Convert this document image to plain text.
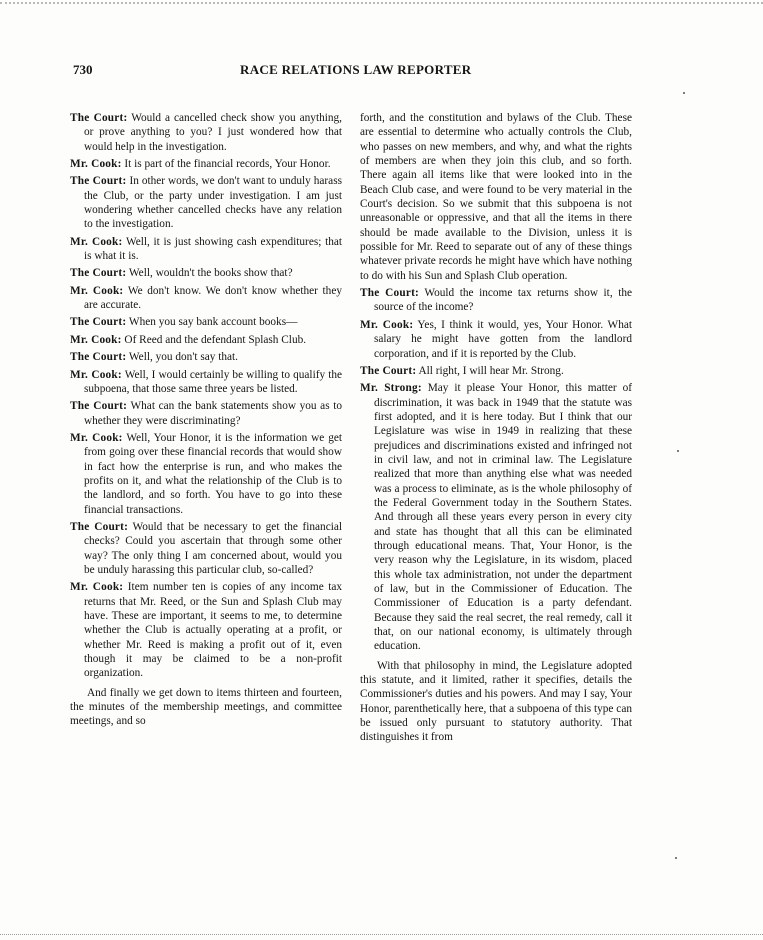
730	RACE RELATIONS LAW REPORTER

The Court: Would a cancelled check show you anything, or prove anything to you? I just wondered how that would help in the investigation.

Mr. Cook: It is part of the financial records, Your Honor.

The Court: In other words, we don't want to unduly harass the Club, or the party under investigation. I am just wondering whether cancelled checks have any relation to the investigation.

Mr. Cook: Well, it is just showing cash expenditures; that is what it is.

The Court: Well, wouldn't the books show that?

Mr. Cook: We don't know. We don't know whether they are accurate.

The Court: When you say bank account books—

Mr. Cook: Of Reed and the defendant Splash Club.

The Court: Well, you don't say that.

Mr. Cook: Well, I would certainly be willing to qualify the subpoena, that those same three years be listed.

The Court: What can the bank statements show you as to whether they were discriminating?

Mr. Cook: Well, Your Honor, it is the information we get from going over these financial records that would show in fact how the enterprise is run, and who makes the profits on it, and what the relationship of the Club is to the landlord, and so forth. You have to go into these financial transactions.

The Court: Would that be necessary to get the financial checks? Could you ascertain that through some other way? The only thing I am concerned about, would you be unduly harassing this particular club, so-called?

Mr. Cook: Item number ten is copies of any income tax returns that Mr. Reed, or the Sun and Splash Club may have. These are important, it seems to me, to determine whether the Club is actually operating at a profit, or whether Mr. Reed is making a profit out of it, even though it may be claimed to be a non-profit organization.

And finally we get down to items thirteen and fourteen, the minutes of the membership meetings, and committee meetings, and so

forth, and the constitution and bylaws of the Club. These are essential to determine who actually controls the Club, who passes on new members, and why, and what the rights of members are when they join this club, and so forth. There again all items like that were looked into in the Beach Club case, and were found to be very material in the Court's decision. So we submit that this subpoena is not unreasonable or oppressive, and that all the items in there should be made available to the Division, unless it is possible for Mr. Reed to separate out of any of these things whatever private records he might have which have nothing to do with his Sun and Splash Club operation.

The Court: Would the income tax returns show it, the source of the income?

Mr. Cook: Yes, I think it would, yes, Your Honor. What salary he might have gotten from the landlord corporation, and if it is reported by the Club.

The Court: All right, I will hear Mr. Strong.

Mr. Strong: May it please Your Honor, this matter of discrimination, it was back in 1949 that the statute was first adopted, and it is here today. But I think that our Legislature was wise in 1949 in realizing that these prejudices and discriminations existed and infringed not in civil law, and not in criminal law. The Legislature realized that more than anything else what was needed was a process to eliminate, as is the whole philosophy of the Federal Government today in the Southern States. And through all these years every person in every city and state has thought that all this can be eliminated through educational means. That, Your Honor, is the very reason why the Legislature, in its wisdom, placed this whole tax administration, not under the department of law, but in the Commissioner of Education. The Commissioner of Education is a party defendant. Because they said the real secret, the real remedy, call it that, on our national economy, is ultimately through education.

With that philosophy in mind, the Legislature adopted this statute, and it limited, rather it specifies, details the Commissioner's duties and his powers. And may I say, Your Honor, parenthetically here, that a subpoena of this type can be issued only pursuant to statutory authority. That distinguishes it from
